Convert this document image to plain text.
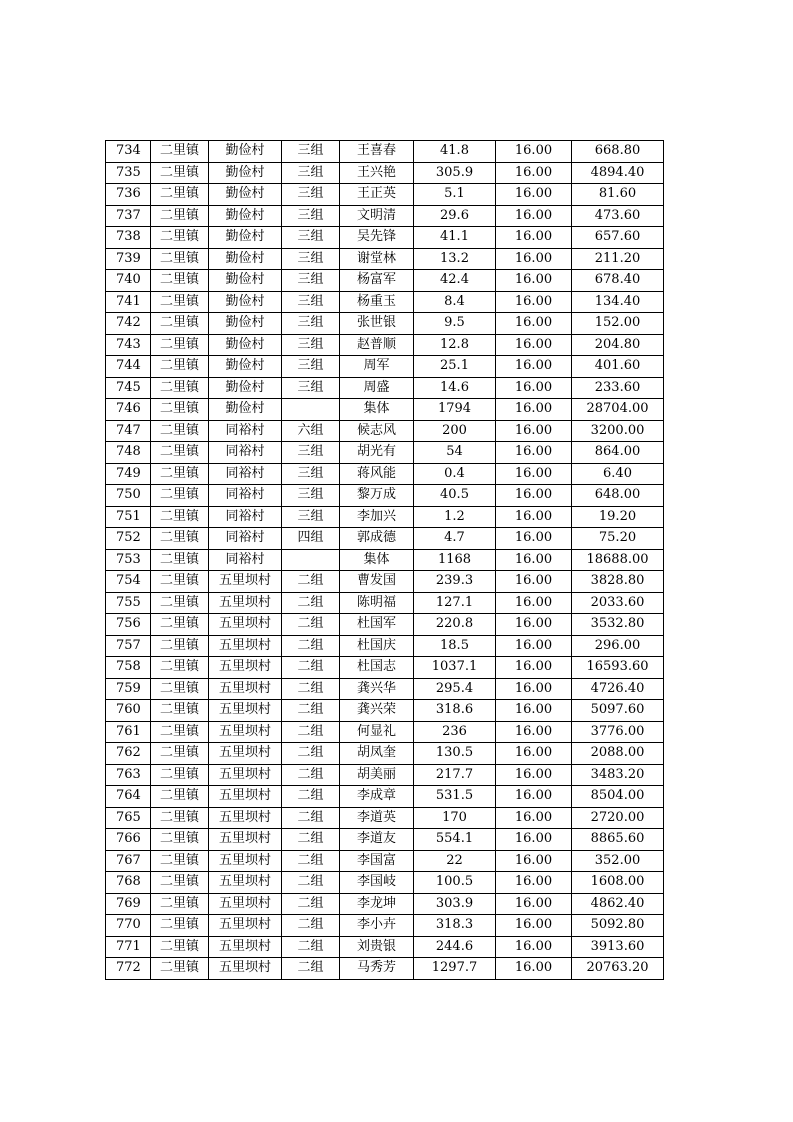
734	二里镇	勤俭村	三组	王喜春	41.8	16.00	668.80
735	二里镇	勤俭村	三组	王兴艳	305.9	16.00	4894.40
736	二里镇	勤俭村	三组	王正英	5.1	16.00	81.60
737	二里镇	勤俭村	三组	文明清	29.6	16.00	473.60
738	二里镇	勤俭村	三组	吴先锋	41.1	16.00	657.60
739	二里镇	勤俭村	三组	谢堂林	13.2	16.00	211.20
740	二里镇	勤俭村	三组	杨富军	42.4	16.00	678.40
741	二里镇	勤俭村	三组	杨重玉	8.4	16.00	134.40
742	二里镇	勤俭村	三组	张世银	9.5	16.00	152.00
743	二里镇	勤俭村	三组	赵普顺	12.8	16.00	204.80
744	二里镇	勤俭村	三组	周军	25.1	16.00	401.60
745	二里镇	勤俭村	三组	周盛	14.6	16.00	233.60
746	二里镇	勤俭村		集体	1794	16.00	28704.00
747	二里镇	同裕村	六组	候志风	200	16.00	3200.00
748	二里镇	同裕村	三组	胡光有	54	16.00	864.00
749	二里镇	同裕村	三组	蒋风能	0.4	16.00	6.40
750	二里镇	同裕村	三组	黎万成	40.5	16.00	648.00
751	二里镇	同裕村	三组	李加兴	1.2	16.00	19.20
752	二里镇	同裕村	四组	郭成德	4.7	16.00	75.20
753	二里镇	同裕村		集体	1168	16.00	18688.00
754	二里镇	五里坝村	二组	曹发国	239.3	16.00	3828.80
755	二里镇	五里坝村	二组	陈明福	127.1	16.00	2033.60
756	二里镇	五里坝村	二组	杜国军	220.8	16.00	3532.80
757	二里镇	五里坝村	二组	杜国庆	18.5	16.00	296.00
758	二里镇	五里坝村	二组	杜国志	1037.1	16.00	16593.60
759	二里镇	五里坝村	二组	龚兴华	295.4	16.00	4726.40
760	二里镇	五里坝村	二组	龚兴荣	318.6	16.00	5097.60
761	二里镇	五里坝村	二组	何显礼	236	16.00	3776.00
762	二里镇	五里坝村	二组	胡凤奎	130.5	16.00	2088.00
763	二里镇	五里坝村	二组	胡美丽	217.7	16.00	3483.20
764	二里镇	五里坝村	二组	李成章	531.5	16.00	8504.00
765	二里镇	五里坝村	二组	李道英	170	16.00	2720.00
766	二里镇	五里坝村	二组	李道友	554.1	16.00	8865.60
767	二里镇	五里坝村	二组	李国富	22	16.00	352.00
768	二里镇	五里坝村	二组	李国岐	100.5	16.00	1608.00
769	二里镇	五里坝村	二组	李龙坤	303.9	16.00	4862.40
770	二里镇	五里坝村	二组	李小卉	318.3	16.00	5092.80
771	二里镇	五里坝村	二组	刘贵银	244.6	16.00	3913.60
772	二里镇	五里坝村	二组	马秀芳	1297.7	16.00	20763.20
